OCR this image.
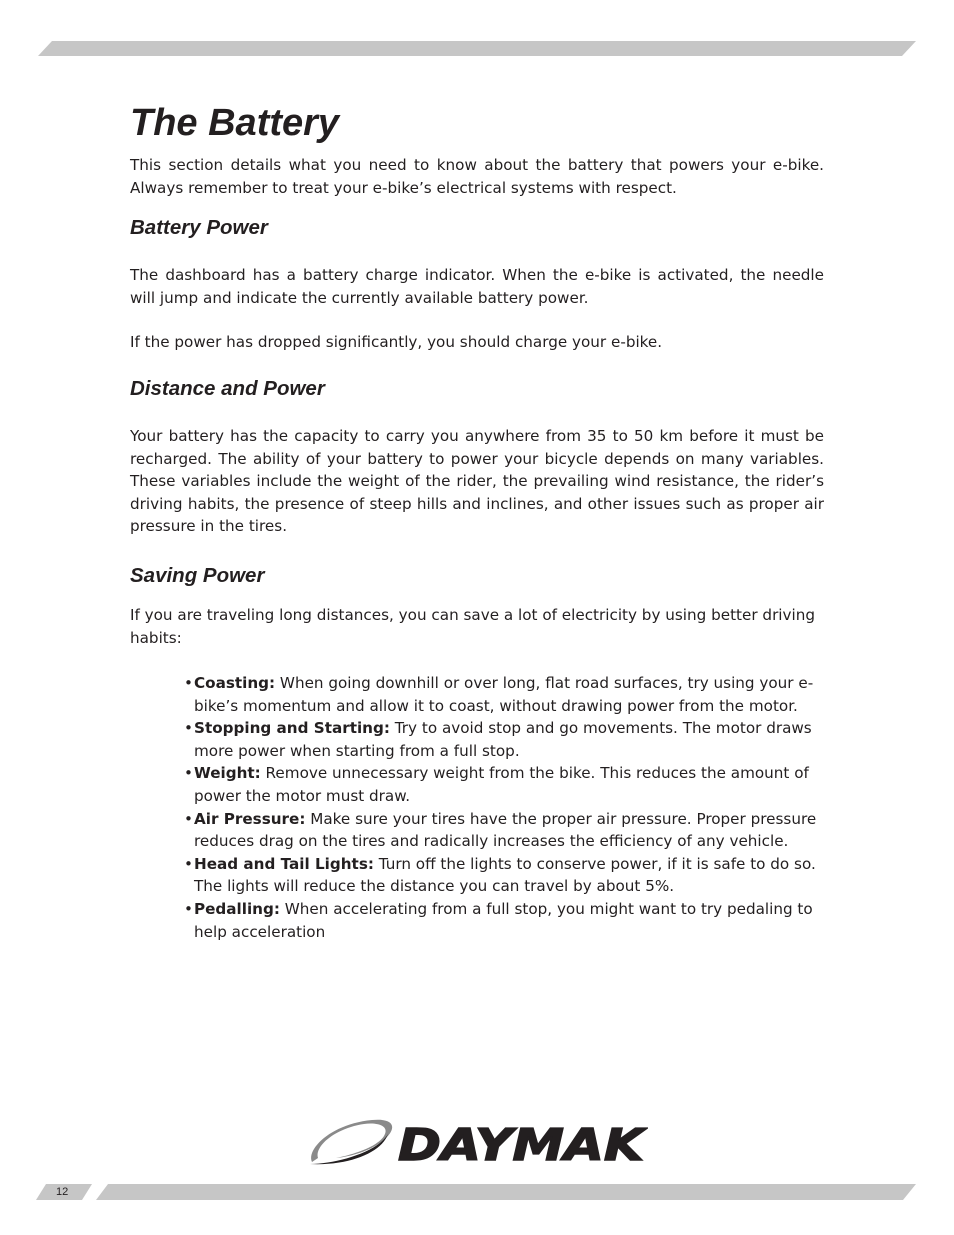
The Battery

This section details what you need to know about the battery that powers your e-bike. Always remember to treat your e-bike’s electrical systems with respect.

Battery Power

The dashboard has a battery charge indicator. When the e-bike is activated, the needle will jump and indicate the currently available battery power.

If the power has dropped significantly, you should charge your e-bike.

Distance and Power

Your battery has the capacity to carry you anywhere from 35 to 50 km before it must be recharged. The ability of your battery to power your bicycle depends on many variables. These variables include the weight of the rider, the prevailing wind resistance, the rider’s driving habits, the presence of steep hills and inclines, and other issues such as proper air pressure in the tires.

Saving Power

If you are traveling long distances, you can save a lot of electricity by using better driving habits:

• Coasting: When going downhill or over long, flat road surfaces, try using your e-bike’s momentum and allow it to coast, without drawing power from the motor.
• Stopping and Starting: Try to avoid stop and go movements. The motor draws more power when starting from a full stop.
• Weight: Remove unnecessary weight from the bike. This reduces the amount of power the motor must draw.
• Air Pressure: Make sure your tires have the proper air pressure. Proper pressure reduces drag on the tires and radically increases the efficiency of any vehicle.
• Head and Tail Lights: Turn off the lights to conserve power, if it is safe to do so. The lights will reduce the distance you can travel by about 5%.
• Pedalling: When accelerating from a full stop, you might want to try pedaling to help acceleration
DAYMAK
12
